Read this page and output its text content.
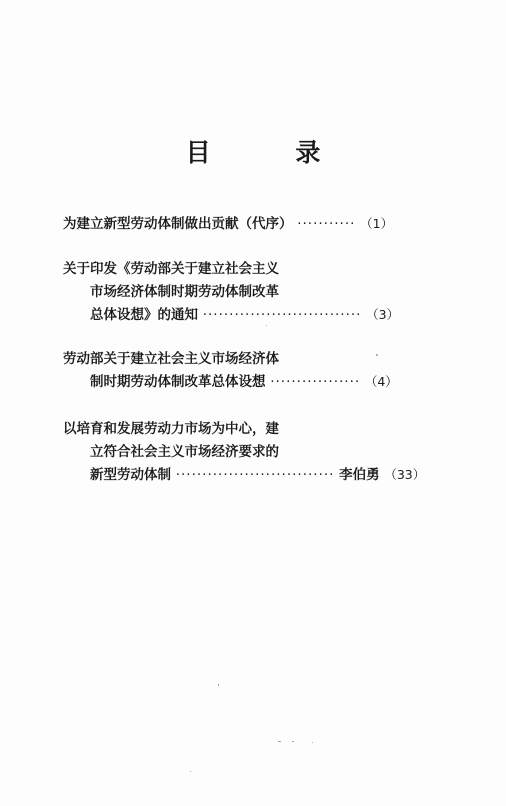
目 录
为建立新型劳动体制做出贡献（代序） ··········· （1）
关于印发《劳动部关于建立社会主义
市场经济体制时期劳动体制改革
总体设想》的通知 ······························ （3）
劳动部关于建立社会主义市场经济体
制时期劳动体制改革总体设想 ················· （4）
以培育和发展劳动力市场为中心，建
立符合社会主义市场经济要求的
新型劳动体制 ······························ 李伯勇 （33）
